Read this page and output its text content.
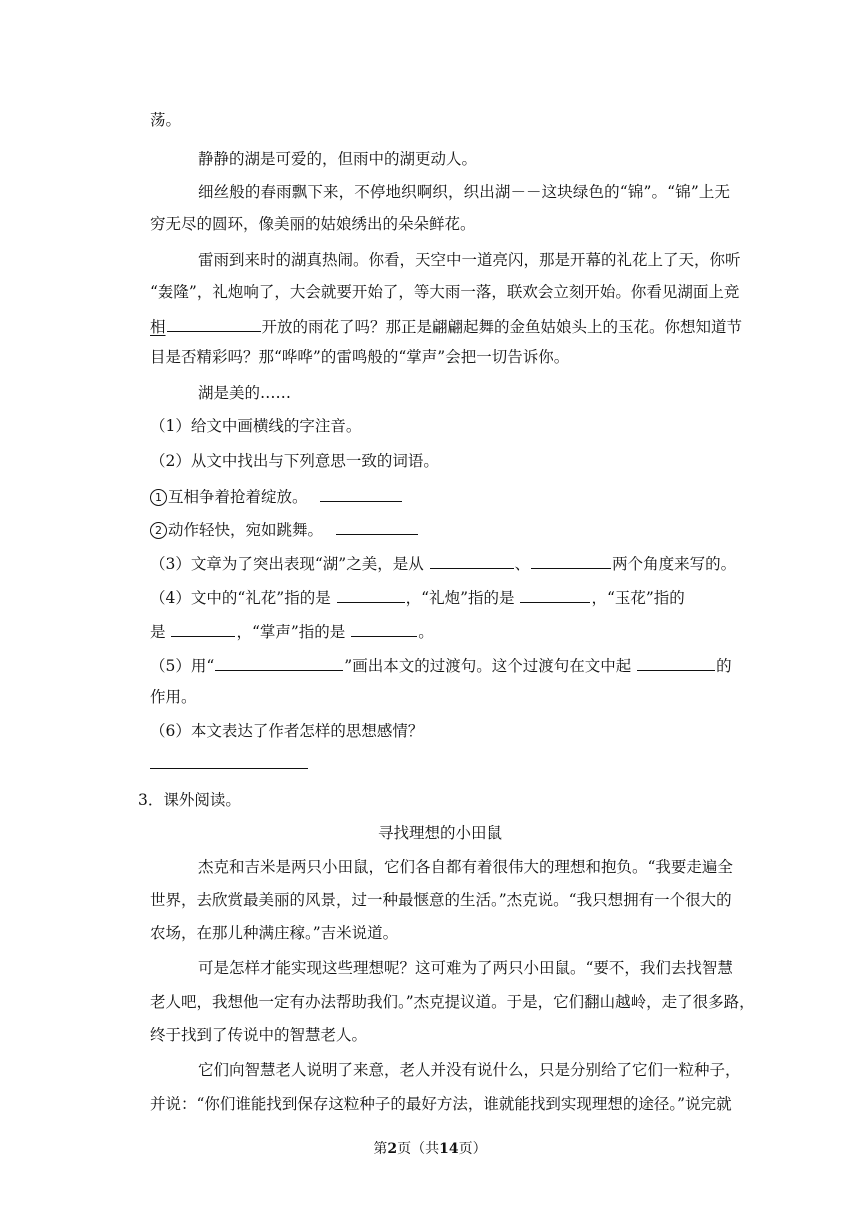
荡。
静静的湖是可爱的，但雨中的湖更动人。
细丝般的春雨飘下来，不停地织啊织，织出湖－－这块绿色的“锦”。“锦”上无
穷无尽的圆环，像美丽的姑娘绣出的朵朵鲜花。
雷雨到来时的湖真热闹。你看，天空中一道亮闪，那是开幕的礼花上了天，你听
“轰隆”，礼炮响了，大会就要开始了，等大雨一落，联欢会立刻开始。你看见湖面上竞
相	开放的雨花了吗？那正是翩翩起舞的金鱼姑娘头上的玉花。你想知道节
目是否精彩吗？那“哗哗”的雷鸣般的“掌声”会把一切告诉你。
湖是美的……
（1）给文中画横线的字注音。
（2）从文中找出与下列意思一致的词语。
1 互相争着抢着绽放。
2 动作轻快，宛如跳舞。
（3）文章为了突出表现“湖”之美，是从	、	两个角度来写的。
（4）文中的“礼花”指的是	，“礼炮”指的是	，“玉花”指的
是	，“掌声”指的是	。
（5）用“	”画出本文的过渡句。这个过渡句在文中起	的
作用。
（6）本文表达了作者怎样的思想感情？
3．课外阅读。
寻找理想的小田鼠
杰克和吉米是两只小田鼠，它们各自都有着很伟大的理想和抱负。“我要走遍全
世界，去欣赏最美丽的风景，过一种最惬意的生活。”杰克说。“我只想拥有一个很大的
农场，在那儿种满庄稼。”吉米说道。
可是怎样才能实现这些理想呢？这可难为了两只小田鼠。“要不，我们去找智慧
老人吧，我想他一定有办法帮助我们。”杰克提议道。于是，它们翻山越岭，走了很多路，
终于找到了传说中的智慧老人。
它们向智慧老人说明了来意，老人并没有说什么，只是分别给了它们一粒种子，
并说：“你们谁能找到保存这粒种子的最好方法，谁就能找到实现理想的途径。”说完就
第2页（共14页）
